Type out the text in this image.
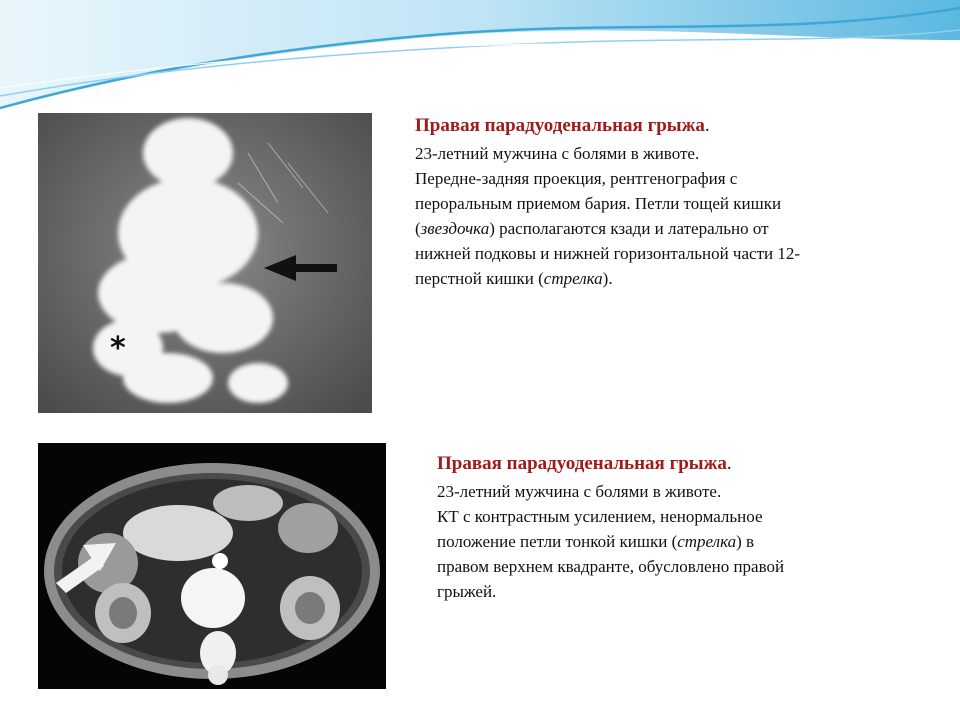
*
Правая парадуоденальная грыжа.
23-летний мужчина с болями в животе.
Передне-задняя проекция, рентгенография с
пероральным приемом бария. Петли тощей кишки
(звездочка) располагаются кзади и латерально от
нижней подковы и нижней горизонтальной части 12-
перстной кишки (стрелка).
Правая парадуоденальная грыжа.
23-летний мужчина с болями в животе.
КТ с контрастным усилением, ненормальное
положение петли тонкой кишки (стрелка) в
правом верхнем квадранте, обусловлено правой
грыжей.
